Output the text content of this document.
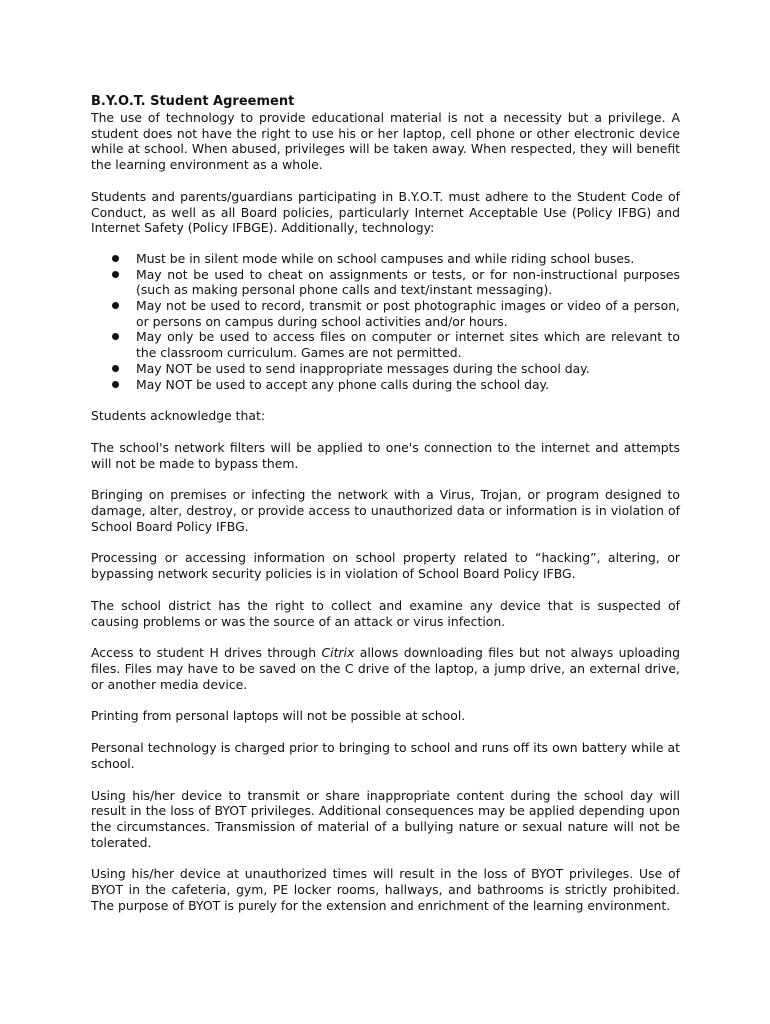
B.Y.O.T. Student Agreement

The use of technology to provide educational material is not a necessity but a privilege. A student does not have the right to use his or her laptop, cell phone or other electronic device while at school. When abused, privileges will be taken away. When respected, they will benefit the learning environment as a whole.

Students and parents/guardians participating in B.Y.O.T. must adhere to the Student Code of Conduct, as well as all Board policies, particularly Internet Acceptable Use (Policy IFBG) and Internet Safety (Policy IFBGE). Additionally, technology:

Must be in silent mode while on school campuses and while riding school buses.
May not be used to cheat on assignments or tests, or for non-instructional purposes (such as making personal phone calls and text/instant messaging).
May not be used to record, transmit or post photographic images or video of a person, or persons on campus during school activities and/or hours.
May only be used to access files on computer or internet sites which are relevant to the classroom curriculum. Games are not permitted.
May NOT be used to send inappropriate messages during the school day.
May NOT be used to accept any phone calls during the school day.

Students acknowledge that:

The school's network filters will be applied to one's connection to the internet and attempts will not be made to bypass them.

Bringing on premises or infecting the network with a Virus, Trojan, or program designed to damage, alter, destroy, or provide access to unauthorized data or information is in violation of School Board Policy IFBG.

Processing or accessing information on school property related to “hacking”, altering, or bypassing network security policies is in violation of School Board Policy IFBG.

The school district has the right to collect and examine any device that is suspected of causing problems or was the source of an attack or virus infection.

Access to student H drives through Citrix allows downloading files but not always uploading files. Files may have to be saved on the C drive of the laptop, a jump drive, an external drive, or another media device.

Printing from personal laptops will not be possible at school.

Personal technology is charged prior to bringing to school and runs off its own battery while at school.

Using his/her device to transmit or share inappropriate content during the school day will result in the loss of BYOT privileges. Additional consequences may be applied depending upon the circumstances. Transmission of material of a bullying nature or sexual nature will not be tolerated.

Using his/her device at unauthorized times will result in the loss of BYOT privileges. Use of BYOT in the cafeteria, gym, PE locker rooms, hallways, and bathrooms is strictly prohibited. The purpose of BYOT is purely for the extension and enrichment of the learning environment.
